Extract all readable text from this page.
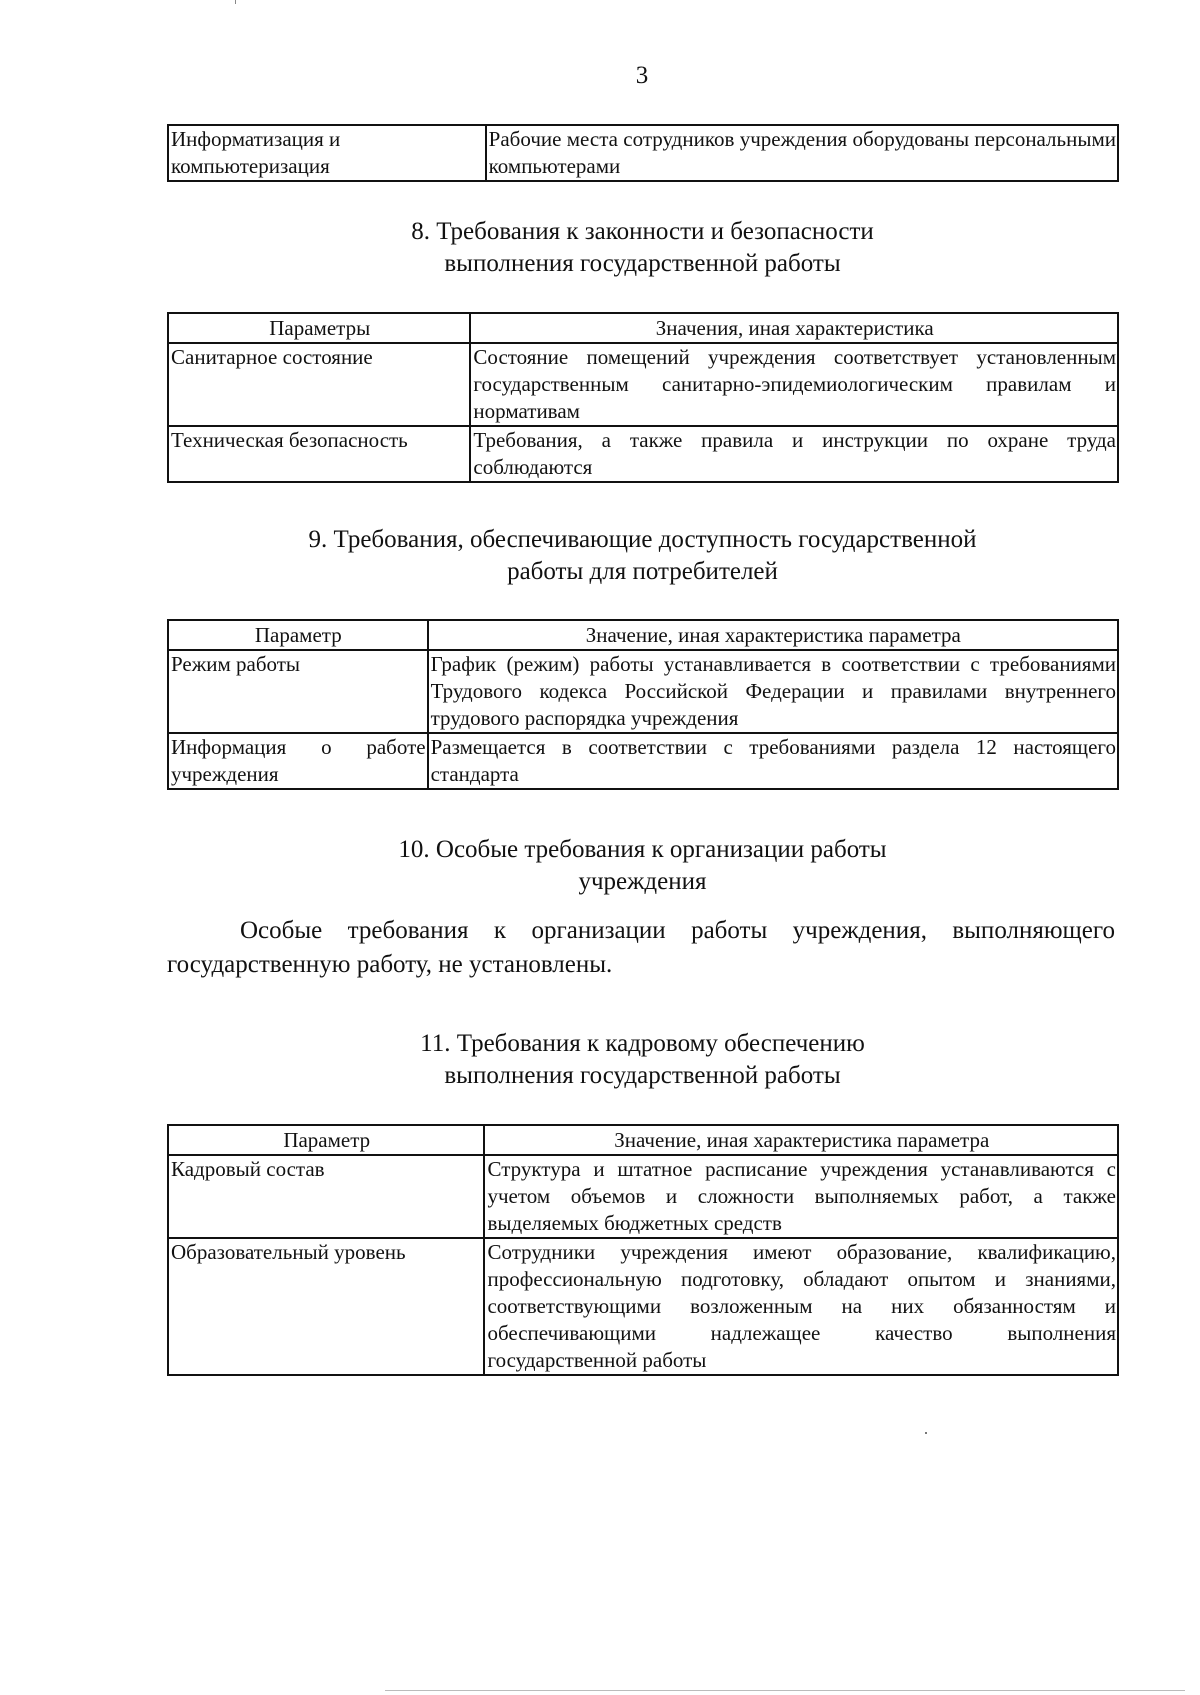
3
Информатизация и компьютеризация	Рабочие места сотрудников учреждения оборудованы персональными компьютерами
8. Требования к законности и безопасности
выполнения государственной работы
Параметры	Значения, иная характеристика
Санитарное состояние	Состояние помещений учреждения соответствует установленным государственным санитарно-эпидемиологическим правилам и нормативам
Техническая безопасность	Требования, а также правила и инструкции по охране труда соблюдаются
9. Требования, обеспечивающие доступность государственной
работы для потребителей
Параметр	Значение, иная характеристика параметра
Режим работы	График (режим) работы устанавливается в соответствии с требованиями Трудового кодекса Российской Федерации и правилами внутреннего трудового распорядка учреждения
Информация о работе учреждения	Размещается в соответствии с требованиями раздела 12 настоящего стандарта
10. Особые требования к организации работы
учреждения

Особые требования к организации работы учреждения, выполняющего государственную работу, не установлены.

11. Требования к кадровому обеспечению
выполнения государственной работы
Параметр	Значение, иная характеристика параметра
Кадровый состав	Структура и штатное расписание учреждения устанавливаются с учетом объемов и сложности выполняемых работ, а также выделяемых бюджетных средств
Образовательный уровень	Сотрудники учреждения имеют образование, квалификацию, профессиональную подготовку, обладают опытом и знаниями, соответствующими возложенным на них обязанностям и обеспечивающими надлежащее качество выполнения государственной работы
